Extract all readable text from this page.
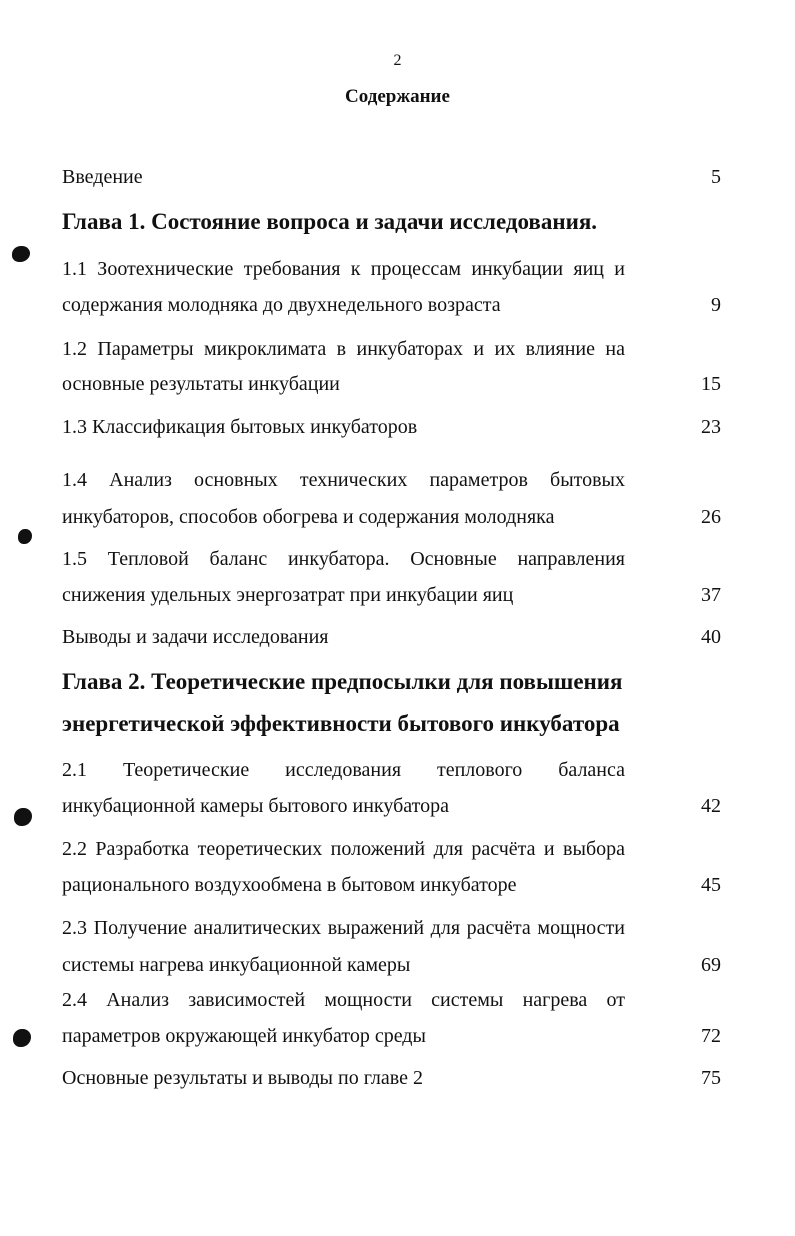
2
Содержание
Введение	5
Глава 1. Состояние вопроса и задачи исследования.
1.1 Зоотехнические требования к процессам инкубации яиц и
содержания молодняка до двухнедельного возраста	9
1.2 Параметры микроклимата в инкубаторах и их влияние на
основные результаты инкубации	15
1.3 Классификация бытовых инкубаторов	23
1.4 Анализ основных технических параметров бытовых
инкубаторов, способов обогрева и содержания молодняка	26
1.5 Тепловой баланс инкубатора. Основные направления
снижения удельных энергозатрат при инкубации яиц	37
Выводы и задачи исследования	40
Глава 2. Теоретические предпосылки для повышения
энергетической эффективности бытового инкубатора
2.1 Теоретические исследования теплового баланса
инкубационной камеры бытового инкубатора	42
2.2 Разработка теоретических положений для расчёта и выбора
рационального воздухообмена в бытовом инкубаторе	45
2.3 Получение аналитических выражений для расчёта мощности
системы нагрева инкубационной камеры	69
2.4 Анализ зависимостей мощности системы нагрева от
параметров окружающей инкубатор среды	72
Основные результаты и выводы по главе 2	75
